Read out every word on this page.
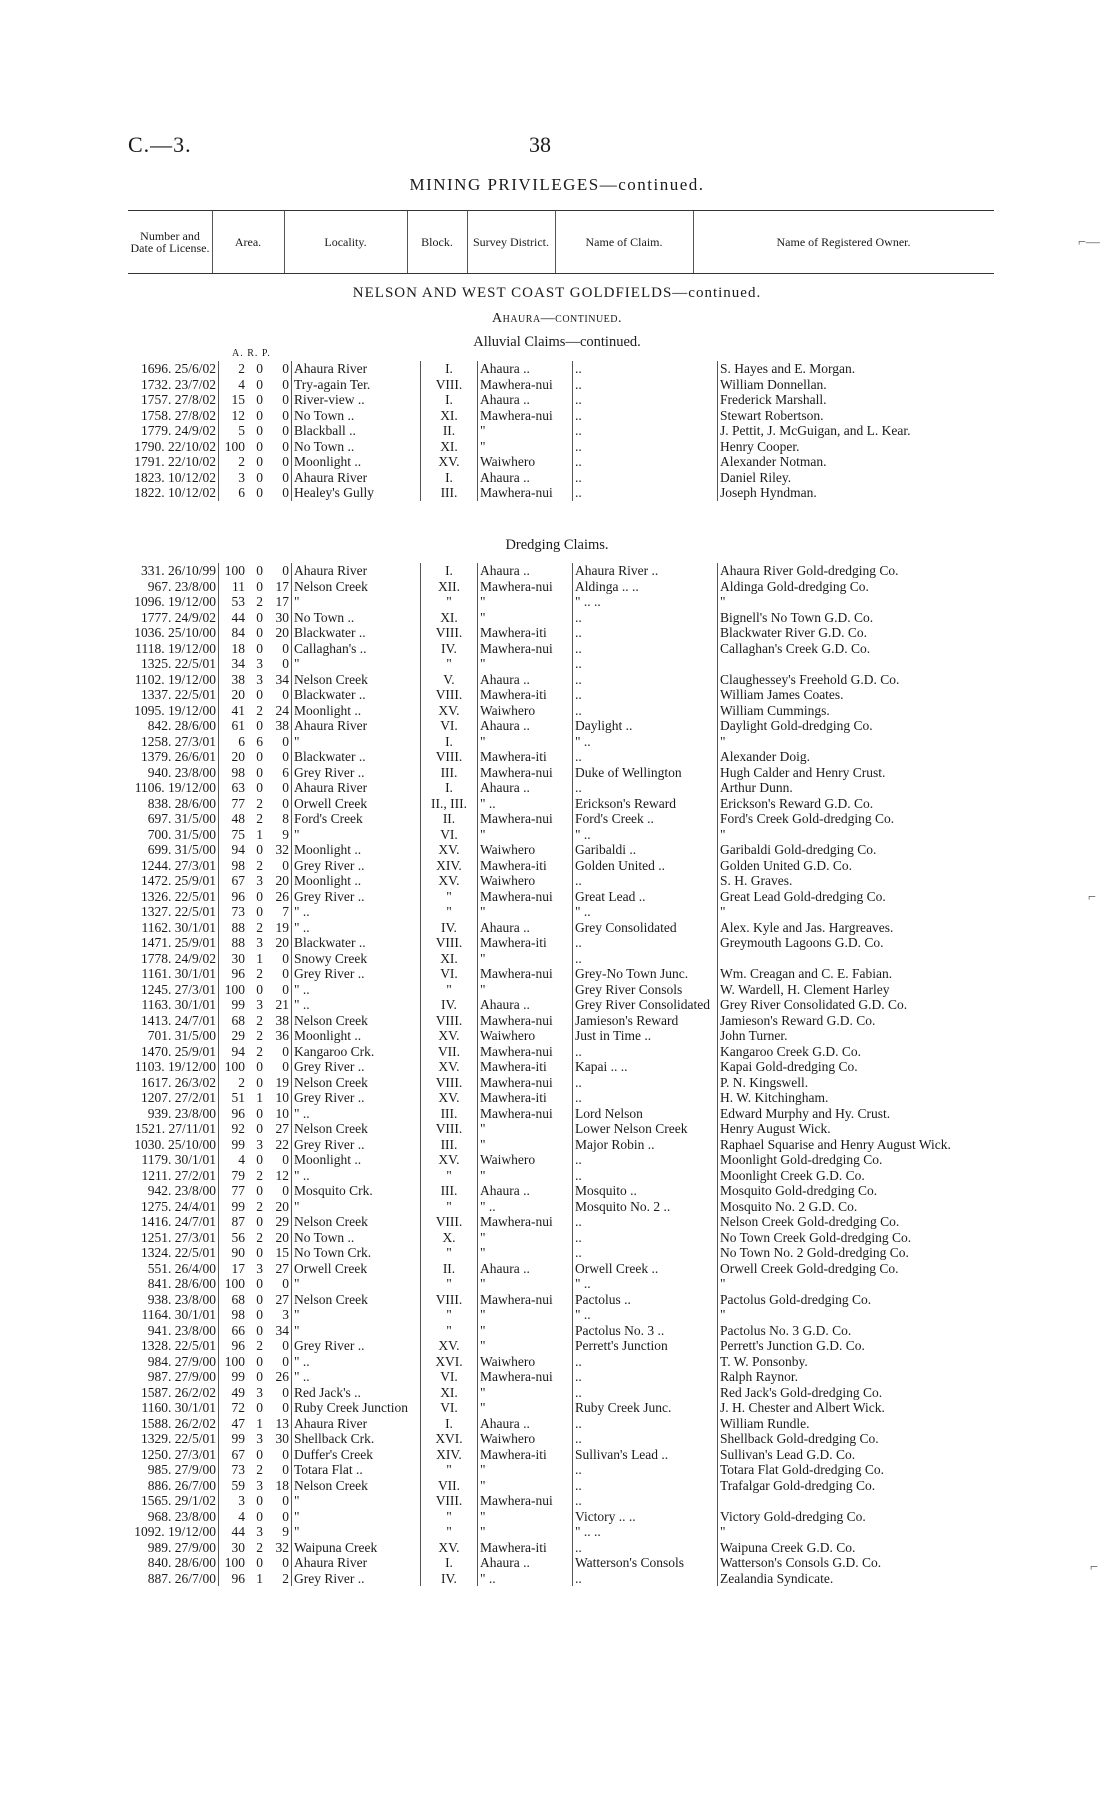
C.—3.	38
MINING PRIVILEGES—continued.
Number and Date of License.	Area.	Locality.	Block.	Survey District.	Name of Claim.	Name of Registered Owner.
NELSON AND WEST COAST GOLDFIELDS—continued.
Ahaura—continued.
A. R. P.
Alluvial Claims—continued.
1696. 25/6/02	2	0	0	Ahaura River	I.	Ahaura ..	..	S. Hayes and E. Morgan.
1732. 23/7/02	4	0	0	Try-again Ter.	VIII.	Mawhera-nui	..	William Donnellan.
1757. 27/8/02	15	0	0	River-view ..	I.	Ahaura ..	..	Frederick Marshall.
1758. 27/8/02	12	0	0	No Town ..	XI.	Mawhera-nui	..	Stewart Robertson.
1779. 24/9/02	5	0	0	Blackball ..	II.	"	..	J. Pettit, J. McGuigan, and L. Kear.
1790. 22/10/02	100	0	0	No Town ..	XI.	"	..	Henry Cooper.
1791. 22/10/02	2	0	0	Moonlight ..	XV.	Waiwhero	..	Alexander Notman.
1823. 10/12/02	3	0	0	Ahaura River	I.	Ahaura ..	..	Daniel Riley.
1822. 10/12/02	6	0	0	Healey's Gully	III.	Mawhera-nui	..	Joseph Hyndman.
Dredging Claims.
331. 26/10/99	100	0	0	Ahaura River	I.	Ahaura ..	Ahaura River ..	Ahaura River Gold-dredging Co.
967. 23/8/00	11	0	17	Nelson Creek	XII.	Mawhera-nui	Aldinga .. ..	Aldinga Gold-dredging Co.
1096. 19/12/00	53	2	17	"	"	"	" .. ..	"
1777. 24/9/02	44	0	30	No Town ..	XI.	"	..	Bignell's No Town G.D. Co.
1036. 25/10/00	84	0	20	Blackwater ..	VIII.	Mawhera-iti	..	Blackwater River G.D. Co.
1118. 19/12/00	18	0	0	Callaghan's ..	IV.	Mawhera-nui	..	Callaghan's Creek G.D. Co.
1325. 22/5/01	34	3	0	"	"	"	..	
1102. 19/12/00	38	3	34	Nelson Creek	V.	Ahaura ..	..	Claughessey's Freehold G.D. Co.
1337. 22/5/01	20	0	0	Blackwater ..	VIII.	Mawhera-iti	..	William James Coates.
1095. 19/12/00	41	2	24	Moonlight ..	XV.	Waiwhero	..	William Cummings.
842. 28/6/00	61	0	38	Ahaura River	VI.	Ahaura ..	Daylight ..	Daylight Gold-dredging Co.
1258. 27/3/01	6	6	0	"	I.	"	" ..	"
1379. 26/6/01	20	0	0	Blackwater ..	VIII.	Mawhera-iti	..	Alexander Doig.
940. 23/8/00	98	0	6	Grey River ..	III.	Mawhera-nui	Duke of Wellington	Hugh Calder and Henry Crust.
1106. 19/12/00	63	0	0	Ahaura River	I.	Ahaura ..	..	Arthur Dunn.
838. 28/6/00	77	2	0	Orwell Creek	II., III.	" ..	Erickson's Reward	Erickson's Reward G.D. Co.
697. 31/5/00	48	2	8	Ford's Creek	II.	Mawhera-nui	Ford's Creek ..	Ford's Creek Gold-dredging Co.
700. 31/5/00	75	1	9	"	VI.	"	" ..	"
699. 31/5/00	94	0	32	Moonlight ..	XV.	Waiwhero	Garibaldi ..	Garibaldi Gold-dredging Co.
1244. 27/3/01	98	2	0	Grey River ..	XIV.	Mawhera-iti	Golden United ..	Golden United G.D. Co.
1472. 25/9/01	67	3	20	Moonlight ..	XV.	Waiwhero	..	S. H. Graves.
1326. 22/5/01	96	0	26	Grey River ..	"	Mawhera-nui	Great Lead ..	Great Lead Gold-dredging Co.
1327. 22/5/01	73	0	7	" ..	"	"	" ..	"
1162. 30/1/01	88	2	19	" ..	IV.	Ahaura ..	Grey Consolidated	Alex. Kyle and Jas. Hargreaves.
1471. 25/9/01	88	3	20	Blackwater ..	VIII.	Mawhera-iti	..	Greymouth Lagoons G.D. Co.
1778. 24/9/02	30	1	0	Snowy Creek	XI.	"	..	
1161. 30/1/01	96	2	0	Grey River ..	VI.	Mawhera-nui	Grey-No Town Junc.	Wm. Creagan and C. E. Fabian.
1245. 27/3/01	100	0	0	" ..	"	"	Grey River Consols	W. Wardell, H. Clement Harley
1163. 30/1/01	99	3	21	" ..	IV.	Ahaura ..	Grey River Consolidated	Grey River Consolidated G.D. Co.
1413. 24/7/01	68	2	38	Nelson Creek	VIII.	Mawhera-nui	Jamieson's Reward	Jamieson's Reward G.D. Co.
701. 31/5/00	29	2	36	Moonlight ..	XV.	Waiwhero	Just in Time ..	John Turner.
1470. 25/9/01	94	2	0	Kangaroo Crk.	VII.	Mawhera-nui	..	Kangaroo Creek G.D. Co.
1103. 19/12/00	100	0	0	Grey River ..	XV.	Mawhera-iti	Kapai .. ..	Kapai Gold-dredging Co.
1617. 26/3/02	2	0	19	Nelson Creek	VIII.	Mawhera-nui	..	P. N. Kingswell.
1207. 27/2/01	51	1	10	Grey River ..	XV.	Mawhera-iti	..	H. W. Kitchingham.
939. 23/8/00	96	0	10	" ..	III.	Mawhera-nui	Lord Nelson	Edward Murphy and Hy. Crust.
1521. 27/11/01	92	0	27	Nelson Creek	VIII.	"	Lower Nelson Creek	Henry August Wick.
1030. 25/10/00	99	3	22	Grey River ..	III.	"	Major Robin ..	Raphael Squarise and Henry August Wick.
1179. 30/1/01	4	0	0	Moonlight ..	XV.	Waiwhero	..	Moonlight Gold-dredging Co.
1211. 27/2/01	79	2	12	" ..	"	"	..	Moonlight Creek G.D. Co.
942. 23/8/00	77	0	0	Mosquito Crk.	III.	Ahaura ..	Mosquito ..	Mosquito Gold-dredging Co.
1275. 24/4/01	99	2	20	"	"	" ..	Mosquito No. 2 ..	Mosquito No. 2 G.D. Co.
1416. 24/7/01	87	0	29	Nelson Creek	VIII.	Mawhera-nui	..	Nelson Creek Gold-dredging Co.
1251. 27/3/01	56	2	20	No Town ..	X.	"	..	No Town Creek Gold-dredging Co.
1324. 22/5/01	90	0	15	No Town Crk.	"	"	..	No Town No. 2 Gold-dredging Co.
551. 26/4/00	17	3	27	Orwell Creek	II.	Ahaura ..	Orwell Creek ..	Orwell Creek Gold-dredging Co.
841. 28/6/00	100	0	0	"	"	"	" ..	"
938. 23/8/00	68	0	27	Nelson Creek	VIII.	Mawhera-nui	Pactolus ..	Pactolus Gold-dredging Co.
1164. 30/1/01	98	0	3	"	"	"	" ..	"
941. 23/8/00	66	0	34	"	"	"	Pactolus No. 3 ..	Pactolus No. 3 G.D. Co.
1328. 22/5/01	96	2	0	Grey River ..	XV.	"	Perrett's Junction	Perrett's Junction G.D. Co.
984. 27/9/00	100	0	0	" ..	XVI.	Waiwhero	..	T. W. Ponsonby.
987. 27/9/00	99	0	26	" ..	VI.	Mawhera-nui	..	Ralph Raynor.
1587. 26/2/02	49	3	0	Red Jack's ..	XI.	"	..	Red Jack's Gold-dredging Co.
1160. 30/1/01	72	0	0	Ruby Creek Junction	VI.	"	Ruby Creek Junc.	J. H. Chester and Albert Wick.
1588. 26/2/02	47	1	13	Ahaura River	I.	Ahaura ..	..	William Rundle.
1329. 22/5/01	99	3	30	Shellback Crk.	XVI.	Waiwhero	..	Shellback Gold-dredging Co.
1250. 27/3/01	67	0	0	Duffer's Creek	XIV.	Mawhera-iti	Sullivan's Lead ..	Sullivan's Lead G.D. Co.
985. 27/9/00	73	2	0	Totara Flat ..	"	"	..	Totara Flat Gold-dredging Co.
886. 26/7/00	59	3	18	Nelson Creek	VII.	"	..	Trafalgar Gold-dredging Co.
1565. 29/1/02	3	0	0	"	VIII.	Mawhera-nui	..	
968. 23/8/00	4	0	0	"	"	"	Victory .. ..	Victory Gold-dredging Co.
1092. 19/12/00	44	3	9	"	"	"	" .. ..	"
989. 27/9/00	30	2	32	Waipuna Creek	XV.	Mawhera-iti	..	Waipuna Creek G.D. Co.
840. 28/6/00	100	0	0	Ahaura River	I.	Ahaura ..	Watterson's Consols	Watterson's Consols G.D. Co.
887. 26/7/00	96	1	2	Grey River ..	IV.	" ..	..	Zealandia Syndicate.
⌐—
⌐
⌐
